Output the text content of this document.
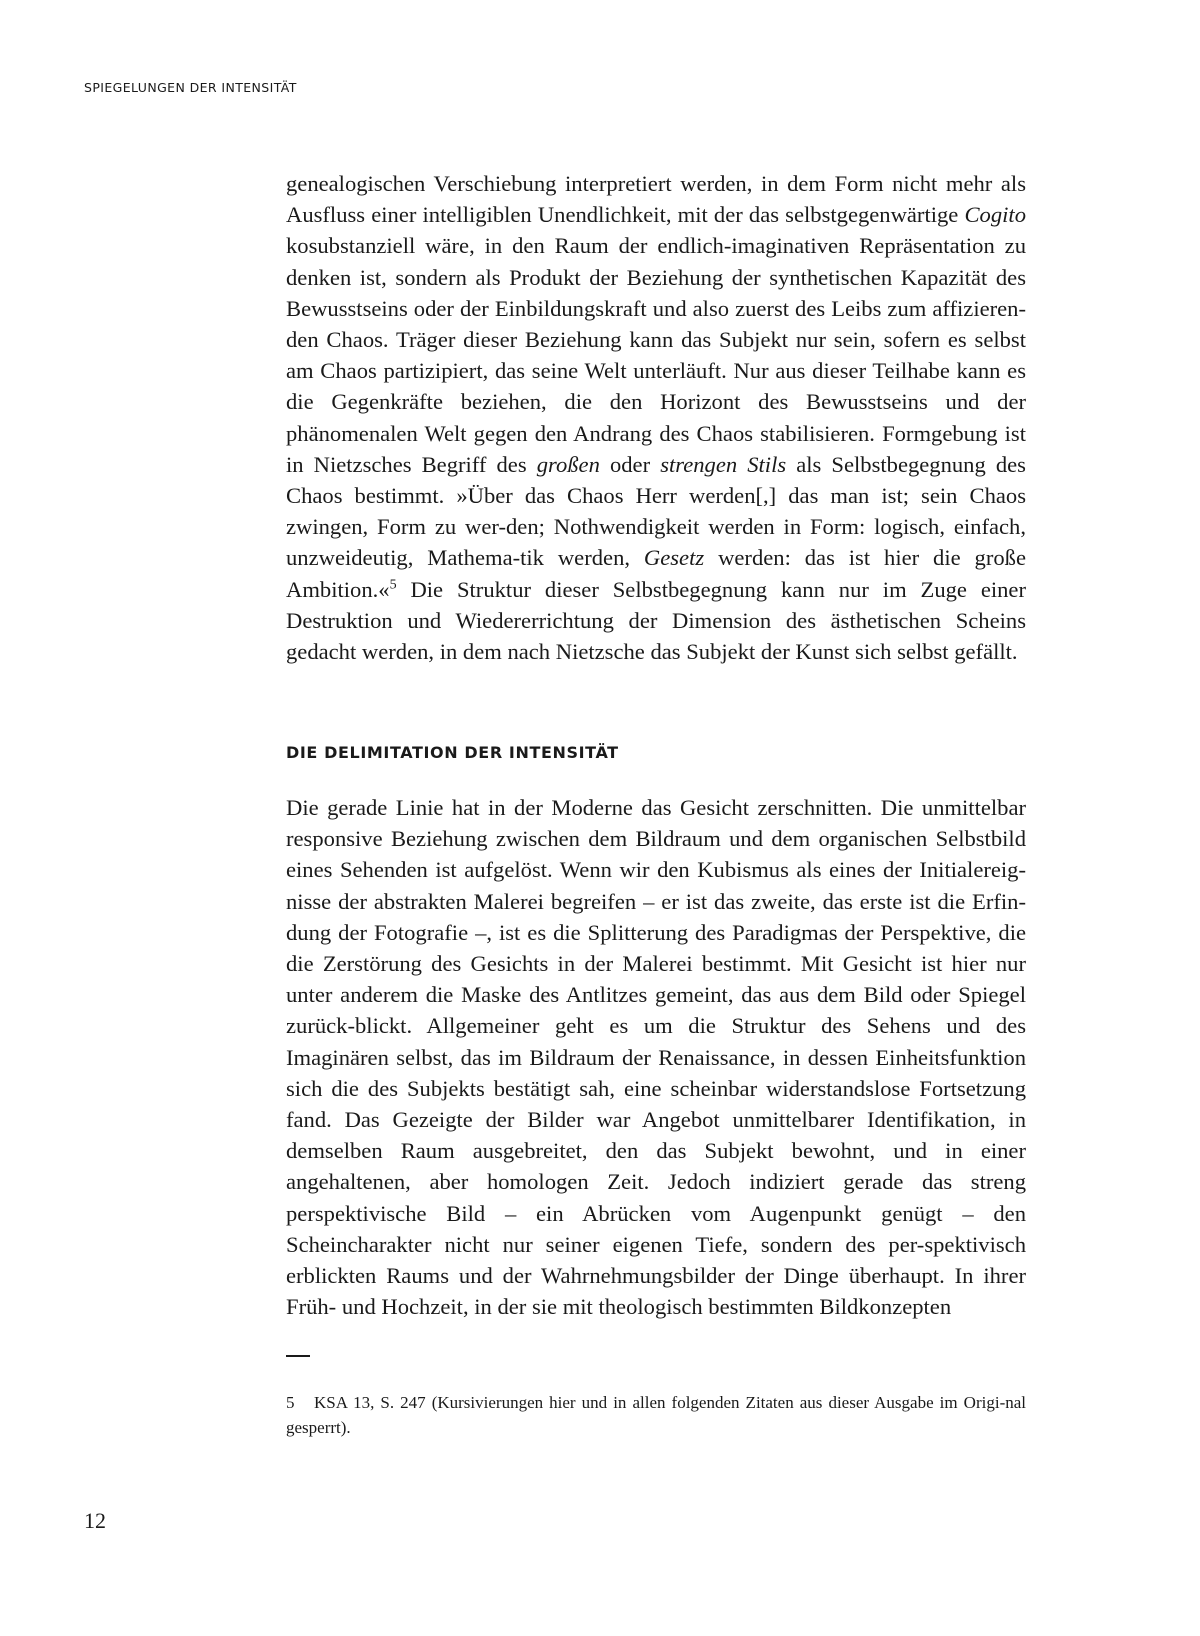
SPIEGELUNGEN DER INTENSITÄT

genealogischen Verschiebung interpretiert werden, in dem Form nicht mehr als Ausfluss einer intelligiblen Unendlichkeit, mit der das selbstgegenwärtige Cogito kosubstanziell wäre, in den Raum der endlich-imaginativen Repräsentation zu denken ist, sondern als Produkt der Beziehung der synthetischen Kapazität des Bewusstseins oder der Einbildungskraft und also zuerst des Leibs zum affizieren-den Chaos. Träger dieser Beziehung kann das Subjekt nur sein, sofern es selbst am Chaos partizipiert, das seine Welt unterläuft. Nur aus dieser Teilhabe kann es die Gegenkräfte beziehen, die den Horizont des Bewusstseins und der phänomenalen Welt gegen den Andrang des Chaos stabilisieren. Formgebung ist in Nietzsches Begriff des großen oder strengen Stils als Selbstbegegnung des Chaos bestimmt. »Über das Chaos Herr werden[,] das man ist; sein Chaos zwingen, Form zu wer-den; Nothwendigkeit werden in Form: logisch, einfach, unzweideutig, Mathema-tik werden, Gesetz werden: das ist hier die große Ambition.«$^5$ Die Struktur dieser Selbstbegegnung kann nur im Zuge einer Destruktion und Wiedererrichtung der Dimension des ästhetischen Scheins gedacht werden, in dem nach Nietzsche das Subjekt der Kunst sich selbst gefällt.

DIE DELIMITATION DER INTENSITÄT

Die gerade Linie hat in der Moderne das Gesicht zerschnitten. Die unmittelbar responsive Beziehung zwischen dem Bildraum und dem organischen Selbstbild eines Sehenden ist aufgelöst. Wenn wir den Kubismus als eines der Initialereig-nisse der abstrakten Malerei begreifen – er ist das zweite, das erste ist die Erfin-dung der Fotografie –, ist es die Splitterung des Paradigmas der Perspektive, die die Zerstörung des Gesichts in der Malerei bestimmt. Mit Gesicht ist hier nur unter anderem die Maske des Antlitzes gemeint, das aus dem Bild oder Spiegel zurück-blickt. Allgemeiner geht es um die Struktur des Sehens und des Imaginären selbst, das im Bildraum der Renaissance, in dessen Einheitsfunktion sich die des Subjekts bestätigt sah, eine scheinbar widerstandslose Fortsetzung fand. Das Gezeigte der Bilder war Angebot unmittelbarer Identifikation, in demselben Raum ausgebreitet, den das Subjekt bewohnt, und in einer angehaltenen, aber homologen Zeit. Jedoch indiziert gerade das streng perspektivische Bild – ein Abrücken vom Augenpunkt genügt – den Scheincharakter nicht nur seiner eigenen Tiefe, sondern des per-spektivisch erblickten Raums und der Wahrnehmungsbilder der Dinge überhaupt. In ihrer Früh- und Hochzeit, in der sie mit theologisch bestimmten Bildkonzepten

5 KSA 13, S. 247 (Kursivierungen hier und in allen folgenden Zitaten aus dieser Ausgabe im Origi-nal gesperrt).
12
